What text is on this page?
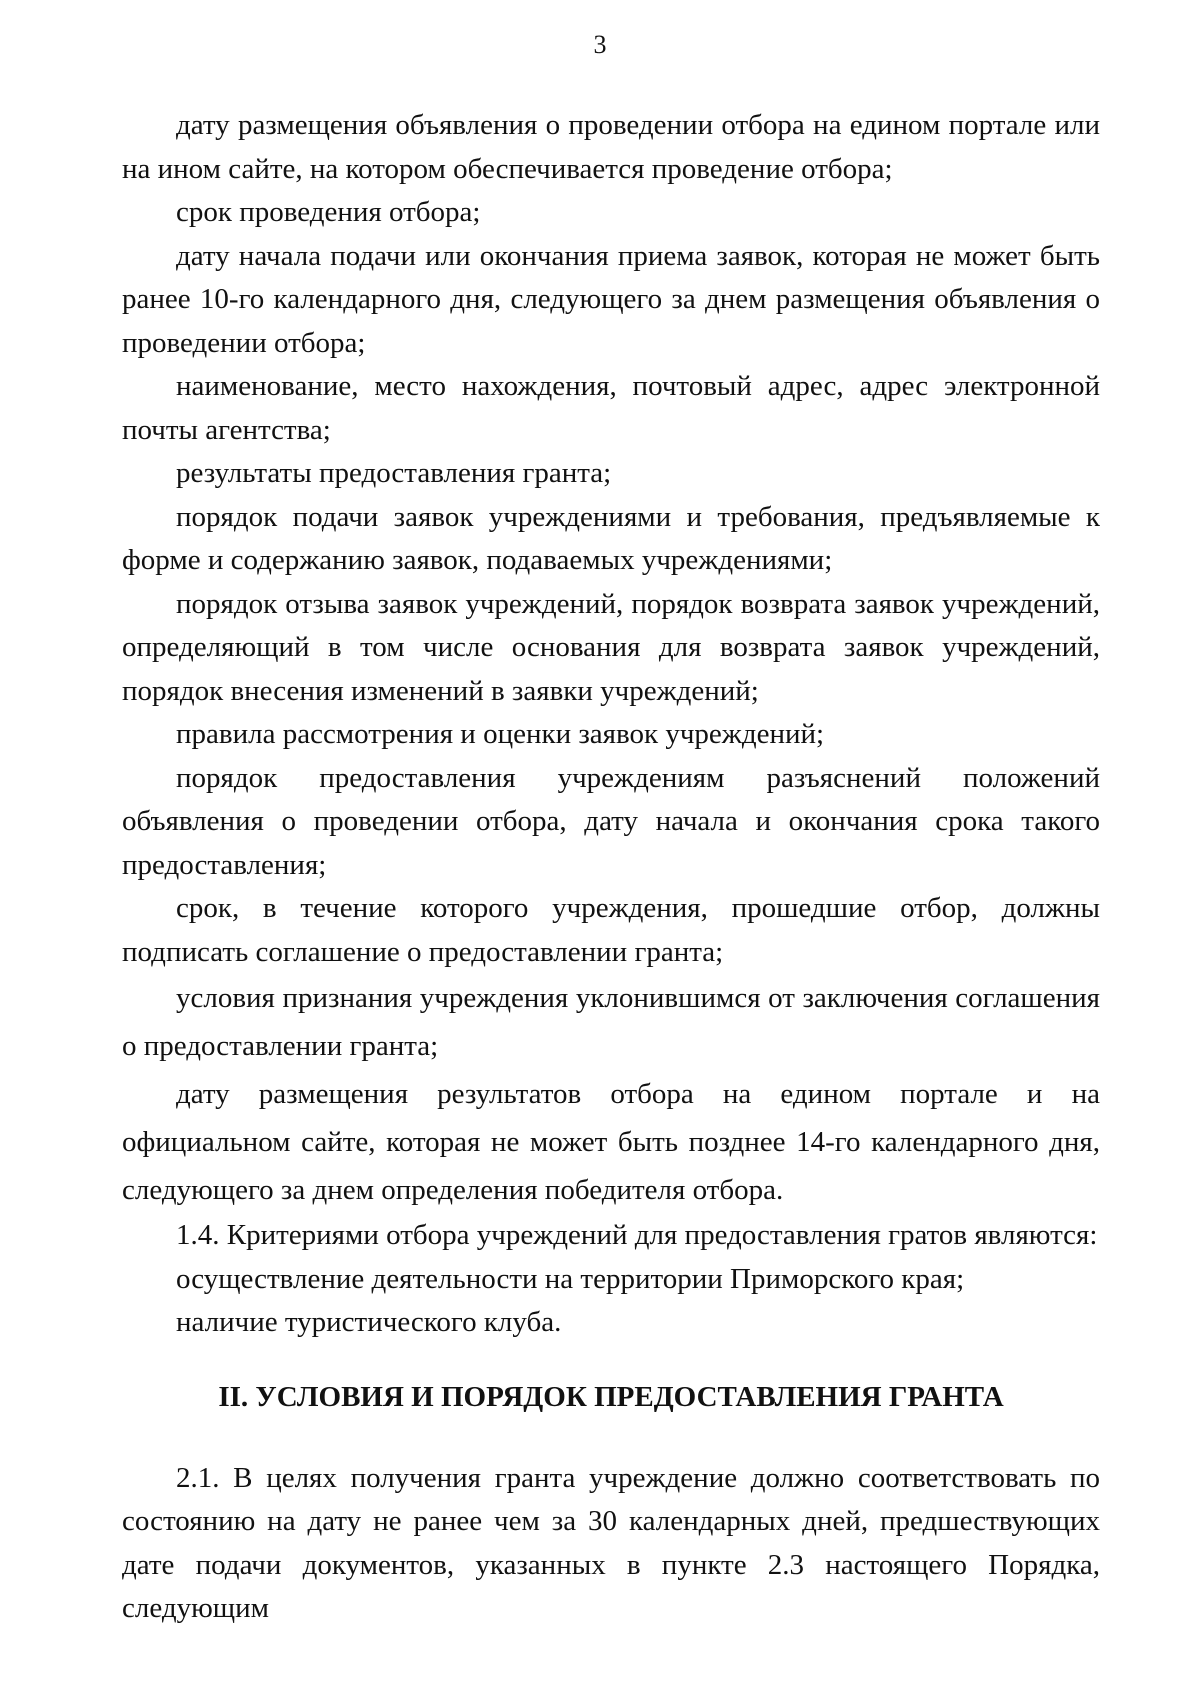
3

дату размещения объявления о проведении отбора на едином портале или на ином сайте, на котором обеспечивается проведение отбора;

срок проведения отбора;

дату начала подачи или окончания приема заявок, которая не может быть ранее 10-го календарного дня, следующего за днем размещения объявления о проведении отбора;

наименование, место нахождения, почтовый адрес, адрес электронной почты агентства;

результаты предоставления гранта;

порядок подачи заявок учреждениями и требования, предъявляемые к форме и содержанию заявок, подаваемых учреждениями;

порядок отзыва заявок учреждений, порядок возврата заявок учреждений, определяющий в том числе основания для возврата заявок учреждений, порядок внесения изменений в заявки учреждений;

правила рассмотрения и оценки заявок учреждений;

порядок предоставления учреждениям разъяснений положений объявления о проведении отбора, дату начала и окончания срока такого предоставления;

срок, в течение которого учреждения, прошедшие отбор, должны подписать соглашение о предоставлении гранта;

условия признания учреждения уклонившимся от заключения соглашения о предоставлении гранта;

дату размещения результатов отбора на едином портале и на официальном сайте, которая не может быть позднее 14-го календарного дня, следующего за днем определения победителя отбора.

1.4. Критериями отбора учреждений для предоставления гратов являются:

осуществление деятельности на территории Приморского края;

наличие туристического клуба.

II. УСЛОВИЯ И ПОРЯДОК ПРЕДОСТАВЛЕНИЯ ГРАНТА

2.1. В целях получения гранта учреждение должно соответствовать по состоянию на дату не ранее чем за 30 календарных дней, предшествующих дате подачи документов, указанных в пункте 2.3 настоящего Порядка, следующим
